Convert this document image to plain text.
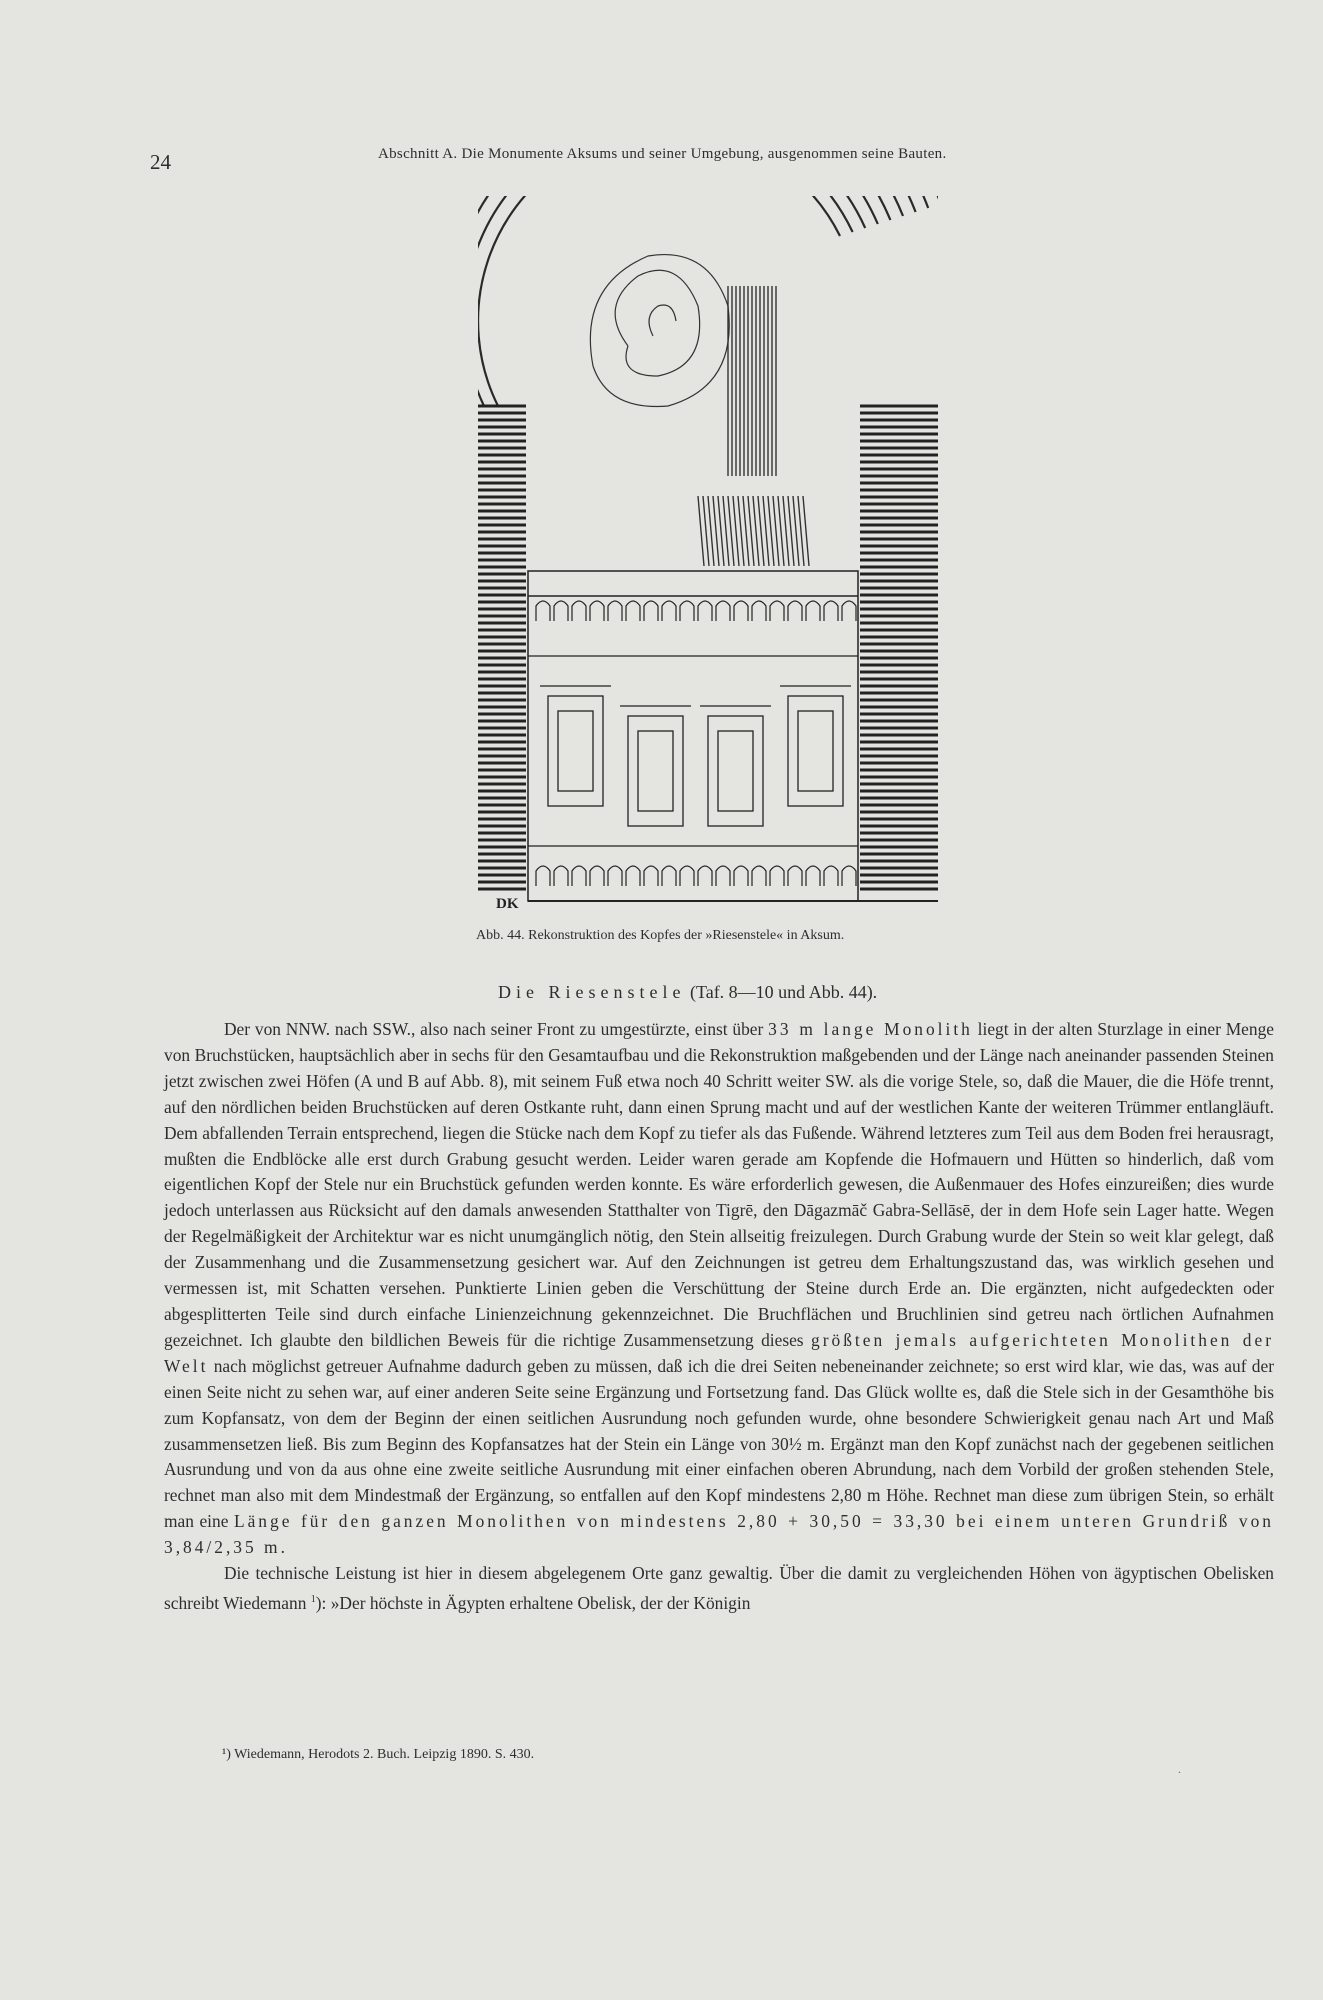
24	Abschnitt A. Die Monumente Aksums und seiner Umgebung, ausgenommen seine Bauten.
DK
Abb. 44. Rekonstruktion des Kopfes der »Riesenstele« in Aksum.
Die Riesenstele (Taf. 8—10 und Abb. 44).

Der von NNW. nach SSW., also nach seiner Front zu umgestürzte, einst über 33 m lange Monolith liegt in der alten Sturzlage in einer Menge von Bruchstücken, hauptsächlich aber in sechs für den Gesamtaufbau und die Rekonstruktion maßgebenden und der Länge nach aneinander passenden Steinen jetzt zwischen zwei Höfen (A und B auf Abb. 8), mit seinem Fuß etwa noch 40 Schritt weiter SW. als die vorige Stele, so, daß die Mauer, die die Höfe trennt, auf den nördlichen beiden Bruchstücken auf deren Ostkante ruht, dann einen Sprung macht und auf der westlichen Kante der weiteren Trümmer entlangläuft. Dem abfallenden Terrain entsprechend, liegen die Stücke nach dem Kopf zu tiefer als das Fußende. Während letzteres zum Teil aus dem Boden frei herausragt, mußten die Endblöcke alle erst durch Grabung gesucht werden. Leider waren gerade am Kopfende die Hofmauern und Hütten so hinderlich, daß vom eigentlichen Kopf der Stele nur ein Bruchstück gefunden werden konnte. Es wäre erforderlich gewesen, die Außenmauer des Hofes einzureißen; dies wurde jedoch unterlassen aus Rücksicht auf den damals anwesenden Statthalter von Tigrē, den Dāgazmāč Gabra-Sellāsē, der in dem Hofe sein Lager hatte. Wegen der Regelmäßigkeit der Architektur war es nicht unumgänglich nötig, den Stein allseitig freizulegen. Durch Grabung wurde der Stein so weit klar gelegt, daß der Zusammenhang und die Zusammensetzung gesichert war. Auf den Zeichnungen ist getreu dem Erhaltungszustand das, was wirklich gesehen und vermessen ist, mit Schatten versehen. Punktierte Linien geben die Verschüttung der Steine durch Erde an. Die ergänzten, nicht aufgedeckten oder abgesplitterten Teile sind durch einfache Linienzeichnung gekennzeichnet. Die Bruchflächen und Bruchlinien sind getreu nach örtlichen Aufnahmen gezeichnet. Ich glaubte den bildlichen Beweis für die richtige Zusammensetzung dieses größten jemals aufgerichteten Monolithen der Welt nach möglichst getreuer Aufnahme dadurch geben zu müssen, daß ich die drei Seiten nebeneinander zeichnete; so erst wird klar, wie das, was auf der einen Seite nicht zu sehen war, auf einer anderen Seite seine Ergänzung und Fortsetzung fand. Das Glück wollte es, daß die Stele sich in der Gesamthöhe bis zum Kopfansatz, von dem der Beginn der einen seitlichen Ausrundung noch gefunden wurde, ohne besondere Schwierigkeit genau nach Art und Maß zusammensetzen ließ. Bis zum Beginn des Kopfansatzes hat der Stein ein Länge von 30½ m. Ergänzt man den Kopf zunächst nach der gegebenen seitlichen Ausrundung und von da aus ohne eine zweite seitliche Ausrundung mit einer einfachen oberen Abrundung, nach dem Vorbild der großen stehenden Stele, rechnet man also mit dem Mindestmaß der Ergänzung, so entfallen auf den Kopf mindestens 2,80 m Höhe. Rechnet man diese zum übrigen Stein, so erhält man eine Länge für den ganzen Monolithen von mindestens 2,80 + 30,50 = 33,30 bei einem unteren Grundriß von 3,84/2,35 m.

Die technische Leistung ist hier in diesem abgelegenem Orte ganz gewaltig. Über die damit zu vergleichenden Höhen von ägyptischen Obelisken schreibt Wiedemann $^1$): »Der höchste in Ägypten erhaltene Obelisk, der der Königin

¹) Wiedemann, Herodots 2. Buch. Leipzig 1890. S. 430.
.
